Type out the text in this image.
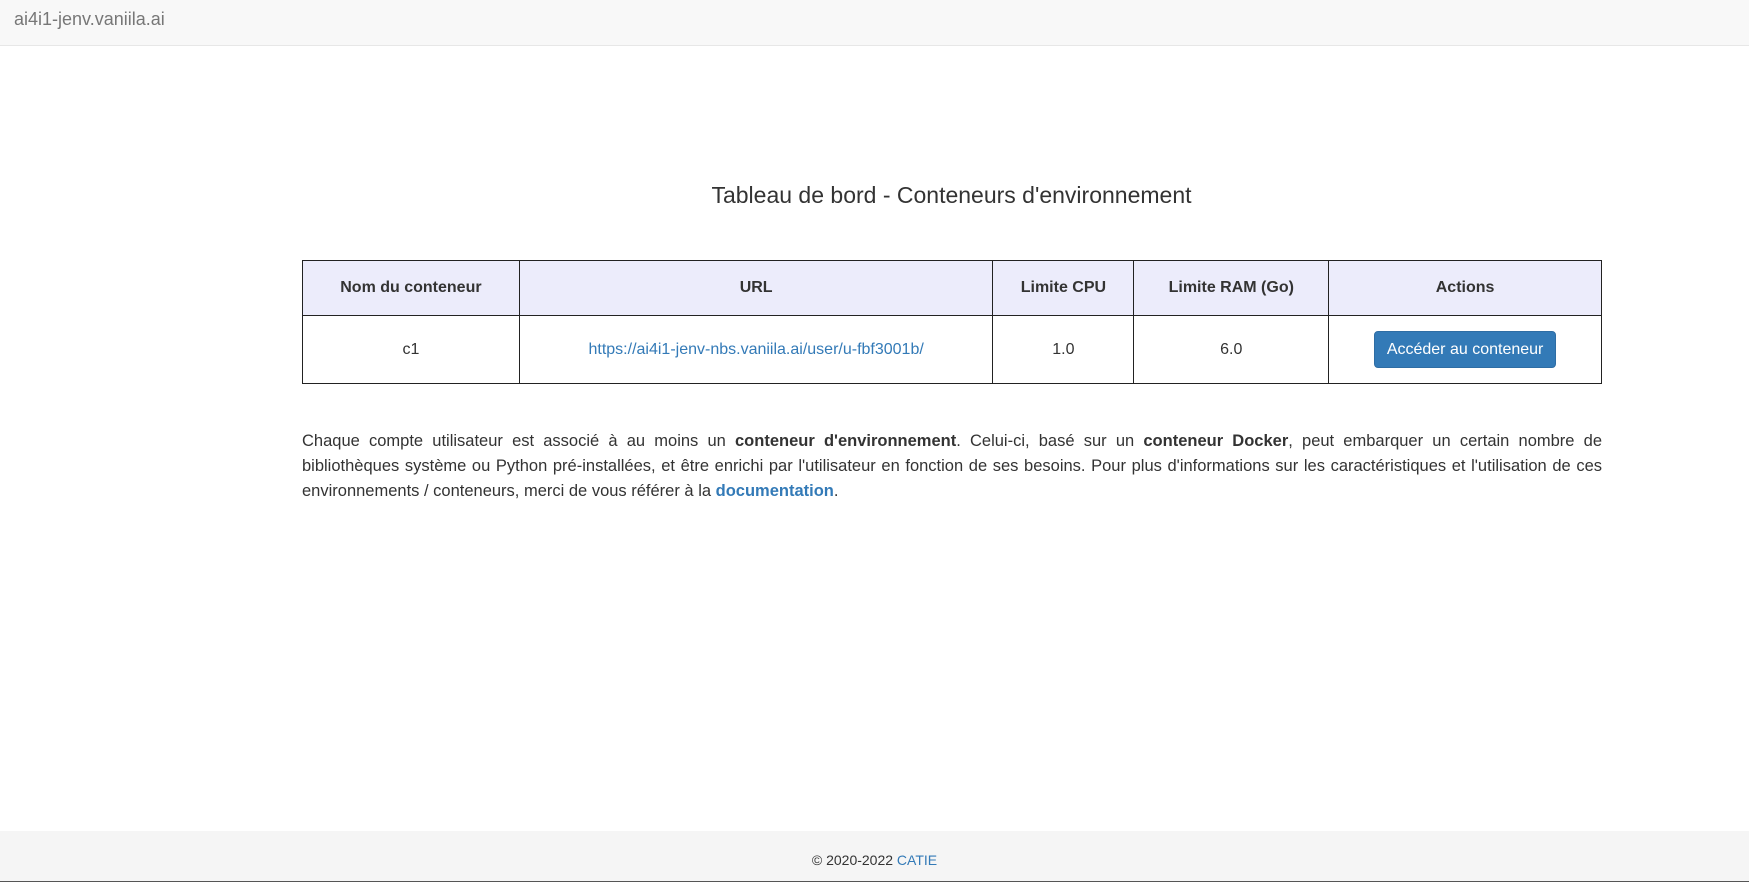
ai4i1-jenv.vaniila.ai
Tableau de bord - Conteneurs d'environnement
Nom du conteneur	URL	Limite CPU	Limite RAM (Go)	Actions
c1	https://ai4i1-jenv-nbs.vaniila.ai/user/u-fbf3001b/	1.0	6.0	Accéder au conteneur

Chaque compte utilisateur est associé à au moins un conteneur d'environnement. Celui-ci, basé sur un conteneur Docker, peut embarquer un certain nombre de bibliothèques système ou Python pré-installées, et être enrichi par l'utilisateur en fonction de ses besoins. Pour plus d'informations sur les caractéristiques et l'utilisation de ces environnements / conteneurs, merci de vous référer à la documentation.

© 2020-2022 CATIE
